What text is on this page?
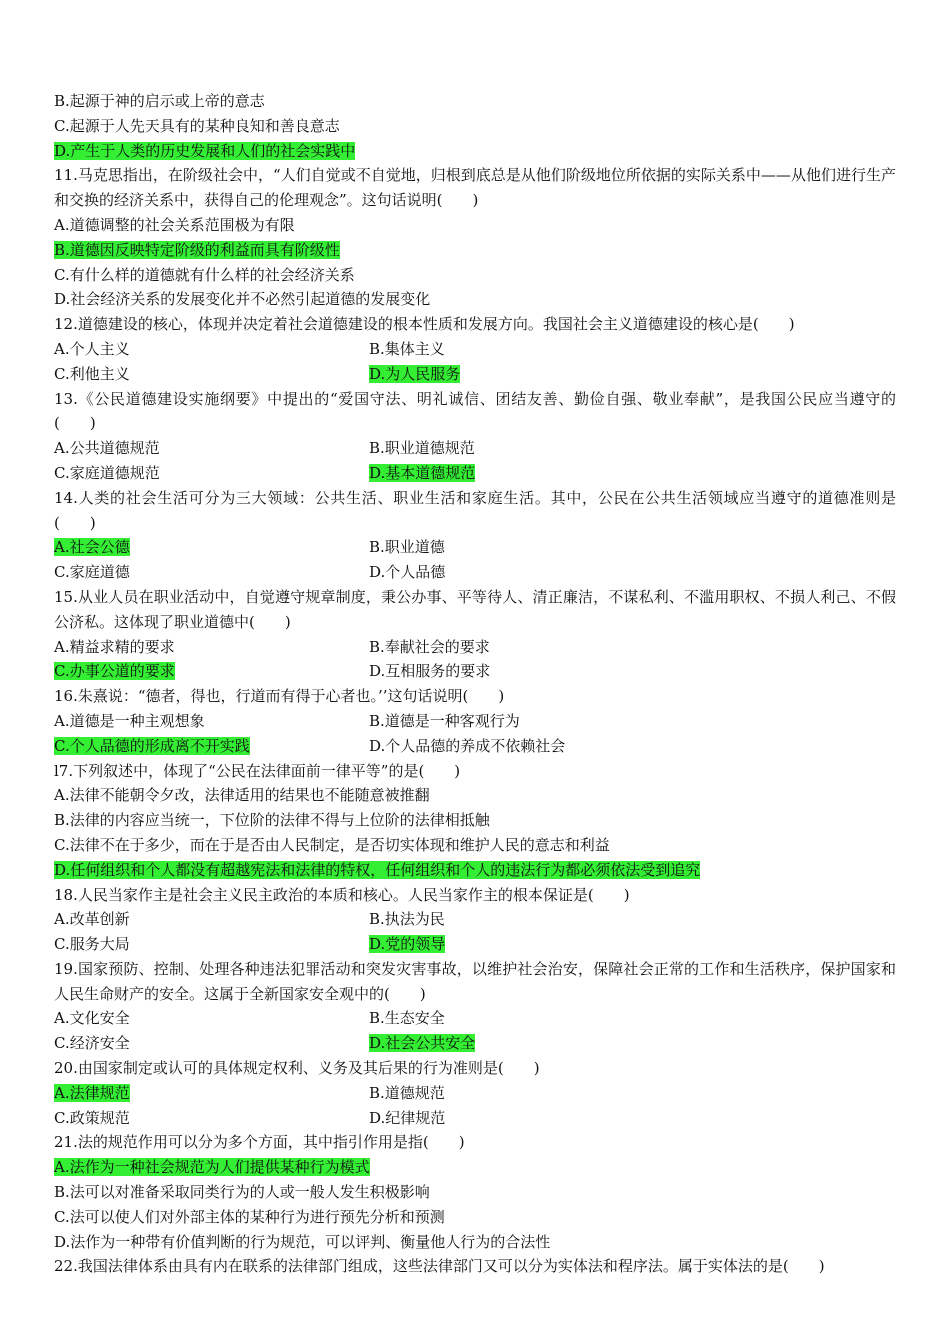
B.起源于神的启示或上帝的意志
C.起源于人先天具有的某种良知和善良意志
D.产生于人类的历史发展和人们的社会实践中
11.马克思指出，在阶级社会中，“人们自觉或不自觉地，归根到底总是从他们阶级地位所依据的实际关系中——从他们进行生产和交换的经济关系中，获得自己的伦理观念”。这句话说明(　　)
A.道德调整的社会关系范围极为有限
B.道德因反映特定阶级的利益而具有阶级性
C.有什么样的道德就有什么样的社会经济关系
D.社会经济关系的发展变化并不必然引起道德的发展变化
12.道德建设的核心，体现并决定着社会道德建设的根本性质和发展方向。我国社会主义道德建设的核心是(　　)
A.个人主义	B.集体主义
C.利他主义	D.为人民服务
13.《公民道德建设实施纲要》中提出的“爱国守法、明礼诚信、团结友善、勤俭自强、敬业奉献”，是我国公民应当遵守的(　　)
A.公共道德规范	B.职业道德规范
C.家庭道德规范	D.基本道德规范
14.人类的社会生活可分为三大领域：公共生活、职业生活和家庭生活。其中，公民在公共生活领域应当遵守的道德准则是(　　)
A.社会公德	B.职业道德
C.家庭道德	D.个人品德
15.从业人员在职业活动中，自觉遵守规章制度，秉公办事、平等待人、清正廉洁，不谋私利、不滥用职权、不损人利己、不假公济私。这体现了职业道德中(　　)
A.精益求精的要求	B.奉献社会的要求
C.办事公道的要求	D.互相服务的要求
16.朱熹说：“德者，得也，行道而有得于心者也。’’这句话说明(　　)
A.道德是一种主观想象	B.道德是一种客观行为
C.个人品德的形成离不开实践	D.个人品德的养成不依赖社会
l7.下列叙述中，体现了“公民在法律面前一律平等”的是(　　)
A.法律不能朝令夕改，法律适用的结果也不能随意被推翻
B.法律的内容应当统一，下位阶的法律不得与上位阶的法律相抵触
C.法律不在于多少，而在于是否由人民制定，是否切实体现和维护人民的意志和利益
D.任何组织和个人都没有超越宪法和法律的特权，任何组织和个人的违法行为都必须依法受到追究
18.人民当家作主是社会主义民主政治的本质和核心。人民当家作主的根本保证是(　　)
A.改革创新	B.执法为民
C.服务大局	D.党的领导
19.国家预防、控制、处理各种违法犯罪活动和突发灾害事故，以维护社会治安，保障社会正常的工作和生活秩序，保护国家和人民生命财产的安全。这属于全新国家安全观中的(　　)
A.文化安全	B.生态安全
C.经济安全	D.社会公共安全
20.由国家制定或认可的具体规定权利、义务及其后果的行为准则是(　　)
A.法律规范	B.道德规范
C.政策规范	D.纪律规范
21.法的规范作用可以分为多个方面，其中指引作用是指(　　)
A.法作为一种社会规范为人们提供某种行为模式
B.法可以对准备采取同类行为的人或一般人发生积极影响
C.法可以使人们对外部主体的某种行为进行预先分析和预测
D.法作为一种带有价值判断的行为规范，可以评判、衡量他人行为的合法性
22.我国法律体系由具有内在联系的法律部门组成，这些法律部门又可以分为实体法和程序法。属于实体法的是(　　)
